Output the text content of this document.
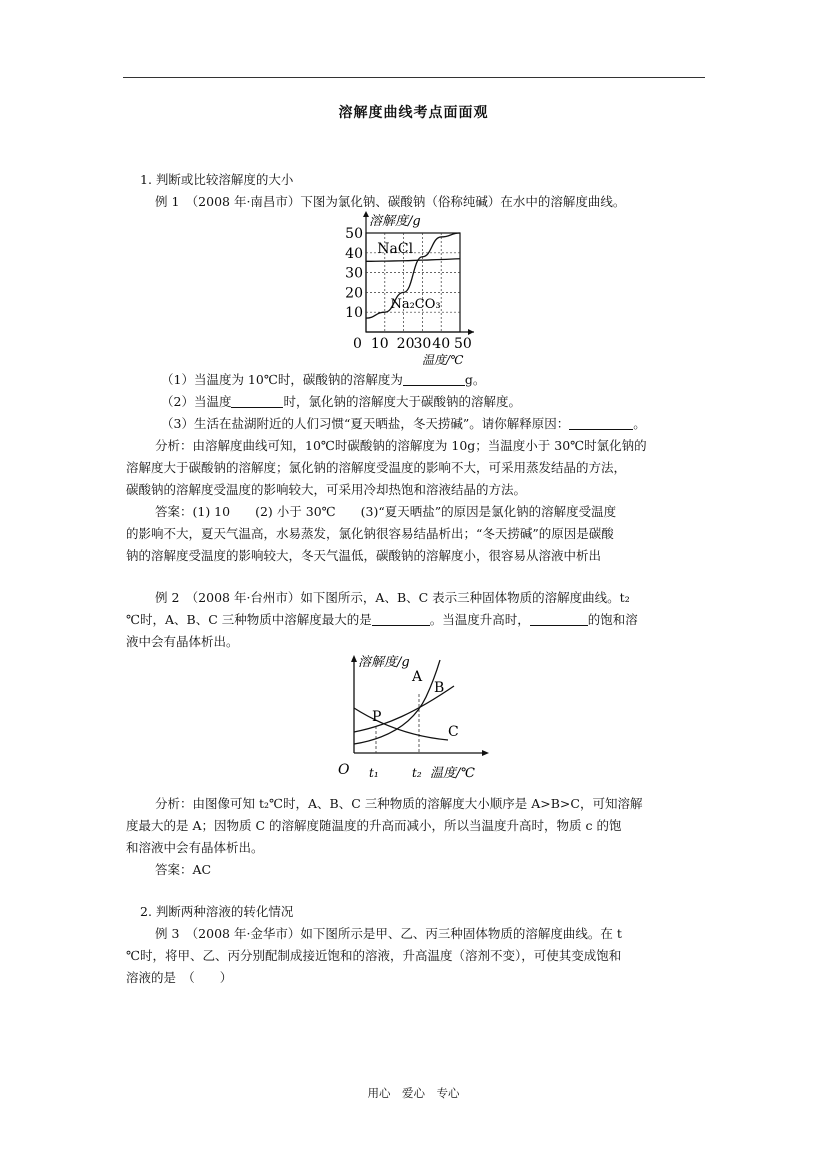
溶解度曲线考点面面观
1. 判断或比较溶解度的大小
例 1　（2008 年·南昌市）下图为氯化钠、碳酸钠（俗称纯碱）在水中的溶解度曲线。
10
20
30
40
50
0 10 20
30 40 50
溶解度/g
温度/℃
NaCl
Na₂CO₃
（1）当温度为 10℃时，碳酸钠的溶解度为	g。
（2）当温度	时，氯化钠的溶解度大于碳酸钠的溶解度。
（3）生活在盐湖附近的人们习惯“夏天晒盐，冬天捞碱”。请你解释原因：	。
分析：由溶解度曲线可知，10℃时碳酸钠的溶解度为 10g；当温度小于 30℃时氯化钠的
溶解度大于碳酸钠的溶解度；氯化钠的溶解度受温度的影响不大，可采用蒸发结晶的方法，
碳酸钠的溶解度受温度的影响较大，可采用冷却热饱和溶液结晶的方法。
答案：(1) 10　　(2) 小于 30℃　　(3)“夏天晒盐”的原因是氯化钠的溶解度受温度
的影响不大，夏天气温高，水易蒸发，氯化钠很容易结晶析出；“冬天捞碱”的原因是碳酸
钠的溶解度受温度的影响较大，冬天气温低，碳酸钠的溶解度小，很容易从溶液中析出
例 2　（2008 年·台州市）如下图所示，A、B、C 表示三种固体物质的溶解度曲线。t₂
℃时，A、B、C 三种物质中溶解度最大的是	。当温度升高时，	的饱和溶
液中会有晶体析出。
溶解度/g
O t₁	t₂ 温度/℃
A
B
C
P
分析：由图像可知 t₂℃时，A、B、C 三种物质的溶解度大小顺序是 A>B>C，可知溶解
度最大的是 A；因物质 C 的溶解度随温度的升高而减小，所以当温度升高时，物质 c 的饱
和溶液中会有晶体析出。
答案：AC
2. 判断两种溶液的转化情况
例 3　（2008 年·金华市）如下图所示是甲、乙、丙三种固体物质的溶解度曲线。在 t
℃时，将甲、乙、丙分别配制成接近饱和的溶液，升高温度（溶剂不变），可使其变成饱和
溶液的是　（　　）
用心　爱心　专心
